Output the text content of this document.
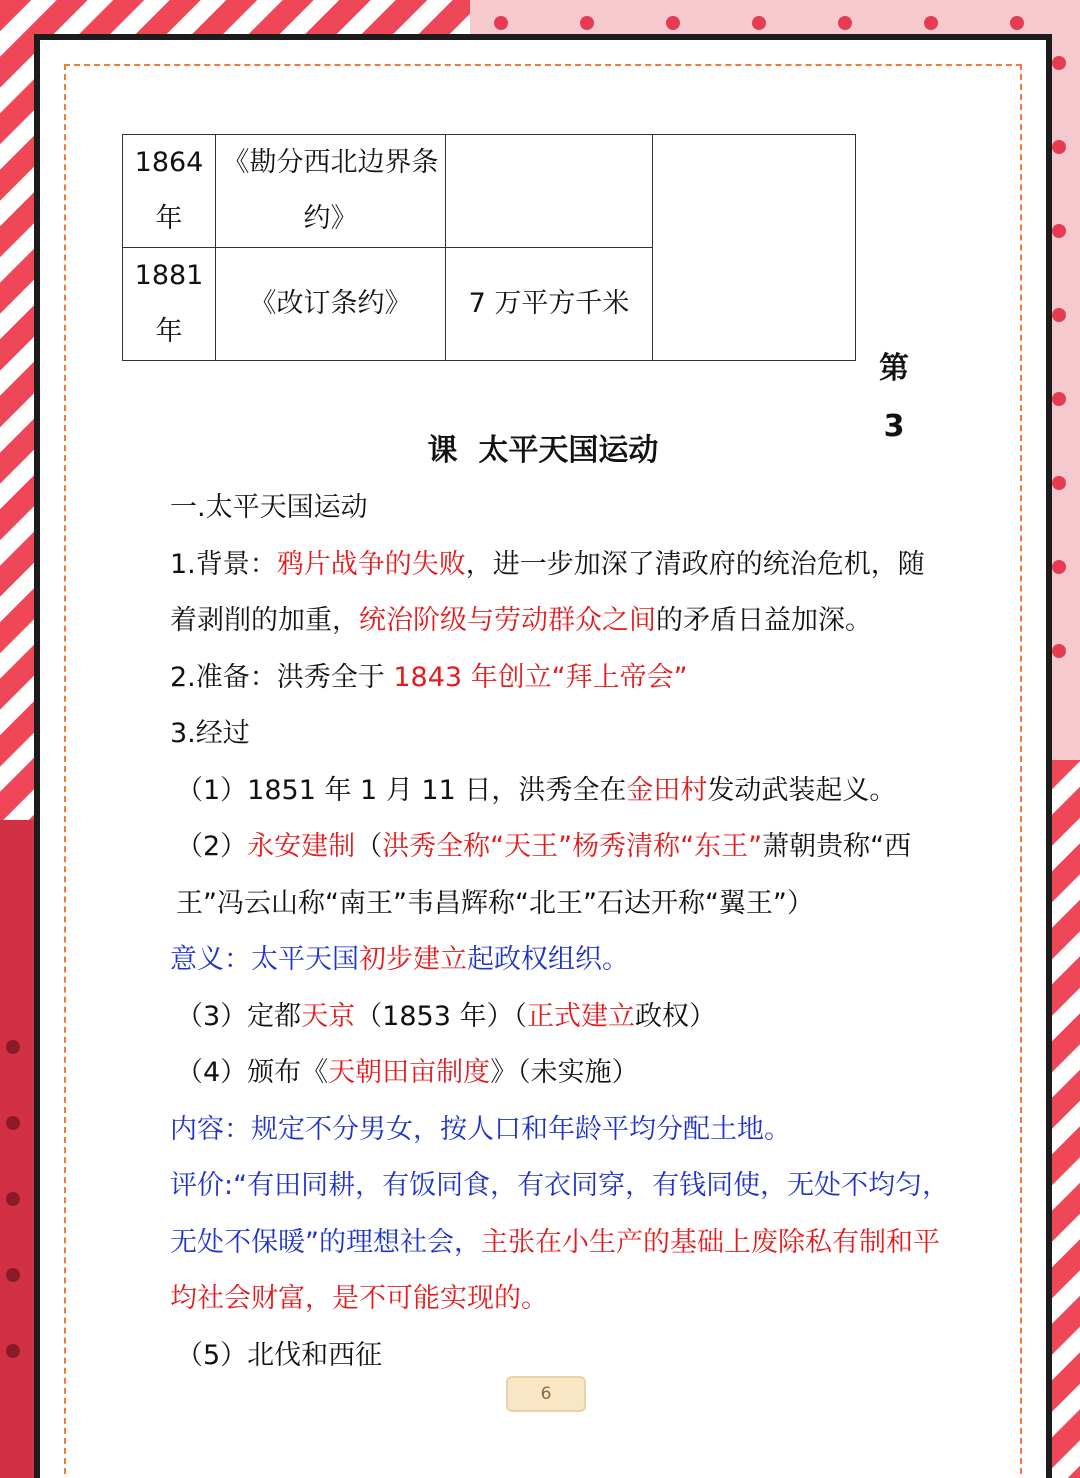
1864年	《勘分西北边界条约》		
1881年	《改订条约》	7 万平方千米	
第
3
课  太平天国运动

一.太平天国运动

1.背景：鸦片战争的失败，进一步加深了清政府的统治危机，随着剥削的加重，统治阶级与劳动群众之间的矛盾日益加深。

2.准备：洪秀全于 1843 年创立“拜上帝会”

3.经过

（1）1851 年 1 月 11 日，洪秀全在金田村发动武装起义。

（2）永安建制（洪秀全称“天王”杨秀清称“东王”萧朝贵称“西王”冯云山称“南王”韦昌辉称“北王”石达开称“翼王”）

意义：太平天国初步建立起政权组织。

（3）定都天京（1853 年）（正式建立政权）

（4）颁布《天朝田亩制度》（未实施）

内容：规定不分男女，按人口和年龄平均分配土地。

评价:“有田同耕，有饭同食，有衣同穿，有钱同使，无处不均匀，无处不保暖”的理想社会，主张在小生产的基础上废除私有制和平均社会财富，是不可能实现的。

（5）北伐和西征

6
